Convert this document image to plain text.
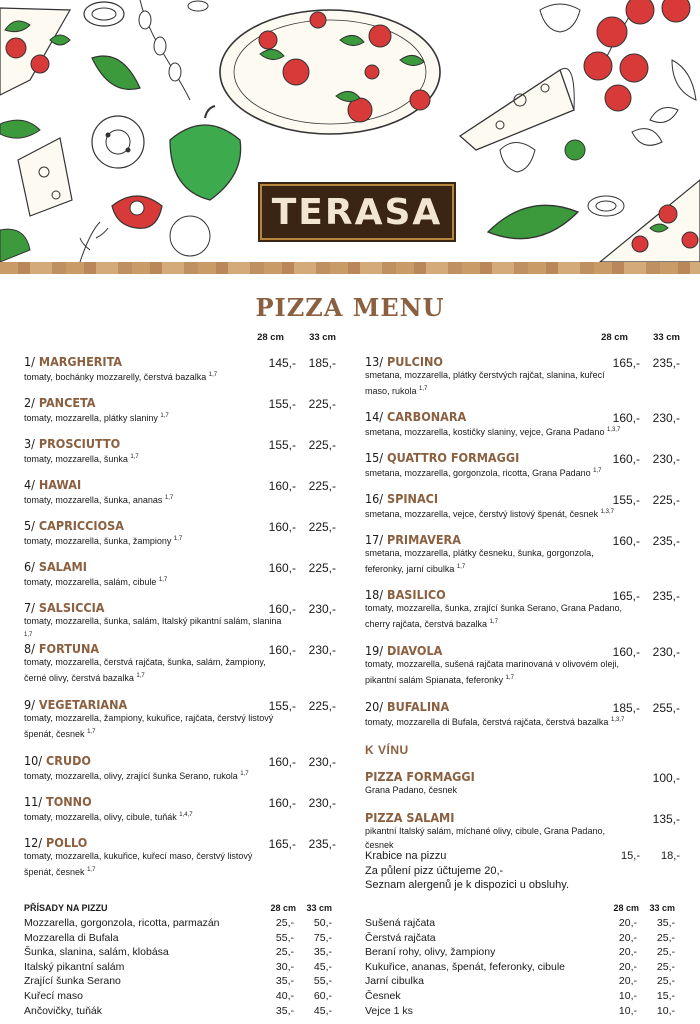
TERASA
PIZZA MENU
28 cm	33 cm
1/ MARGHERITA
tomaty, bochánky mozzarelly, čerstvá bazalka $^{1,7}$
145,- 185,-
2/ PANCETA
tomaty, mozzarella, plátky slaniny $^{1,7}$
155,- 225,-
3/ PROSCIUTTO
tomaty, mozzarella, šunka $^{1,7}$
155,- 225,-
4/ HAWAI
tomaty, mozzarella, šunka, ananas $^{1,7}$
160,- 225,-
5/ CAPRICCIOSA
tomaty, mozzarella, šunka, žampiony $^{1,7}$
160,- 225,-
6/ SALAMI
tomaty, mozzarella, salám, cibule $^{1,7}$
160,- 225,-
7/ SALSICCIA
tomaty, mozzarella, šunka, salám, Italský pikantní salám, slanina $^{1,7}$
160,- 230,-
8/ FORTUNA
tomaty, mozzarella, čerstvá rajčata, šunka, salám, žampiony, černé olivy, čerstvá bazalka $^{1,7}$
160,- 230,-
9/ VEGETARIANA
tomaty, mozzarella, žampiony, kukuřice, rajčata, čerstvý listový špenát, česnek $^{1,7}$
155,- 225,-
10/ CRUDO
tomaty, mozzarella, olivy, zrající šunka Serano, rukola $^{1,7}$
160,- 230,-
11/ TONNO
tomaty, mozzarella, olivy, cibule, tuňák $^{1,4,7}$
160,- 230,-
12/ POLLO
tomaty, mozzarella, kukuřice, kuřecí maso, čerstvý listový špenát, česnek $^{1,7}$
165,- 235,-
28 cm	33 cm
13/ PULCINO
smetana, mozzarella, plátky čerstvých rajčat, slanina, kuřecí maso, rukola $^{1,7}$
165,- 235,-
14/ CARBONARA
smetana, mozzarella, kostičky slaniny, vejce, Grana Padano $^{1,3,7}$
160,- 230,-
15/ QUATTRO FORMAGGI
smetana, mozzarella, gorgonzola, ricotta, Grana Padano $^{1,7}$
160,- 230,-
16/ SPINACI
smetana, mozzarella, vejce, čerstvý listový špenát, česnek $^{1,3,7}$
155,- 225,-
17/ PRIMAVERA
smetana, mozzarella, plátky česneku, šunka, gorgonzola, feferonky, jarní cibulka $^{1,7}$
160,- 235,-
18/ BASILICO
tomaty, mozzarella, šunka, zrající šunka Serano, Grana Padano, cherry rajčata, čerstvá bazalka $^{1,7}$
165,- 235,-
19/ DIAVOLA
tomaty, mozzarella, sušená rajčata marinovaná v olivovém oleji, pikantní salám Spianata, feferonky $^{1,7}$
160,- 230,-
20/ BUFALINA
tomaty, mozzarella di Bufala, čerstvá rajčata, čerstvá bazalka $^{1,3,7}$
185,- 255,-
K VÍNU
PIZZA FORMAGGI
Grana Padano, česnek
100,-
PIZZA SALAMI
pikantní Italský salám, míchané olivy, cibule, Grana Padano, česnek
135,-
Krabice na pizzu	15,- 18,-
Za půlení pizz účtujeme 20,-
Seznam alergenů je k dispozici u obsluhy.
PŘÍSADY NA PIZZU	28 cm 33 cm
Mozzarella, gorgonzola, ricotta, parmazán	25,- 50,-
Mozzarella di Bufala	55,- 75,-
Šunka, slanina, salám, klobása	25,- 35,-
Italský pikantní salám	30,- 45,-
Zrající šunka Serano	35,- 55,-
Kuřecí maso	40,- 60,-
Ančovičky, tuňák	35,- 45,-
28 cm 33 cm
Sušená rajčata	20,- 35,-
Čerstvá rajčata	20,- 25,-
Beraní rohy, olivy, žampiony	20,- 25,-
Kukuřice, ananas, špenát, feferonky, cibule	20,- 25,-
Jarní cibulka	20,- 25,-
Česnek	10,- 15,-
Vejce 1 ks	10,- 10,-
